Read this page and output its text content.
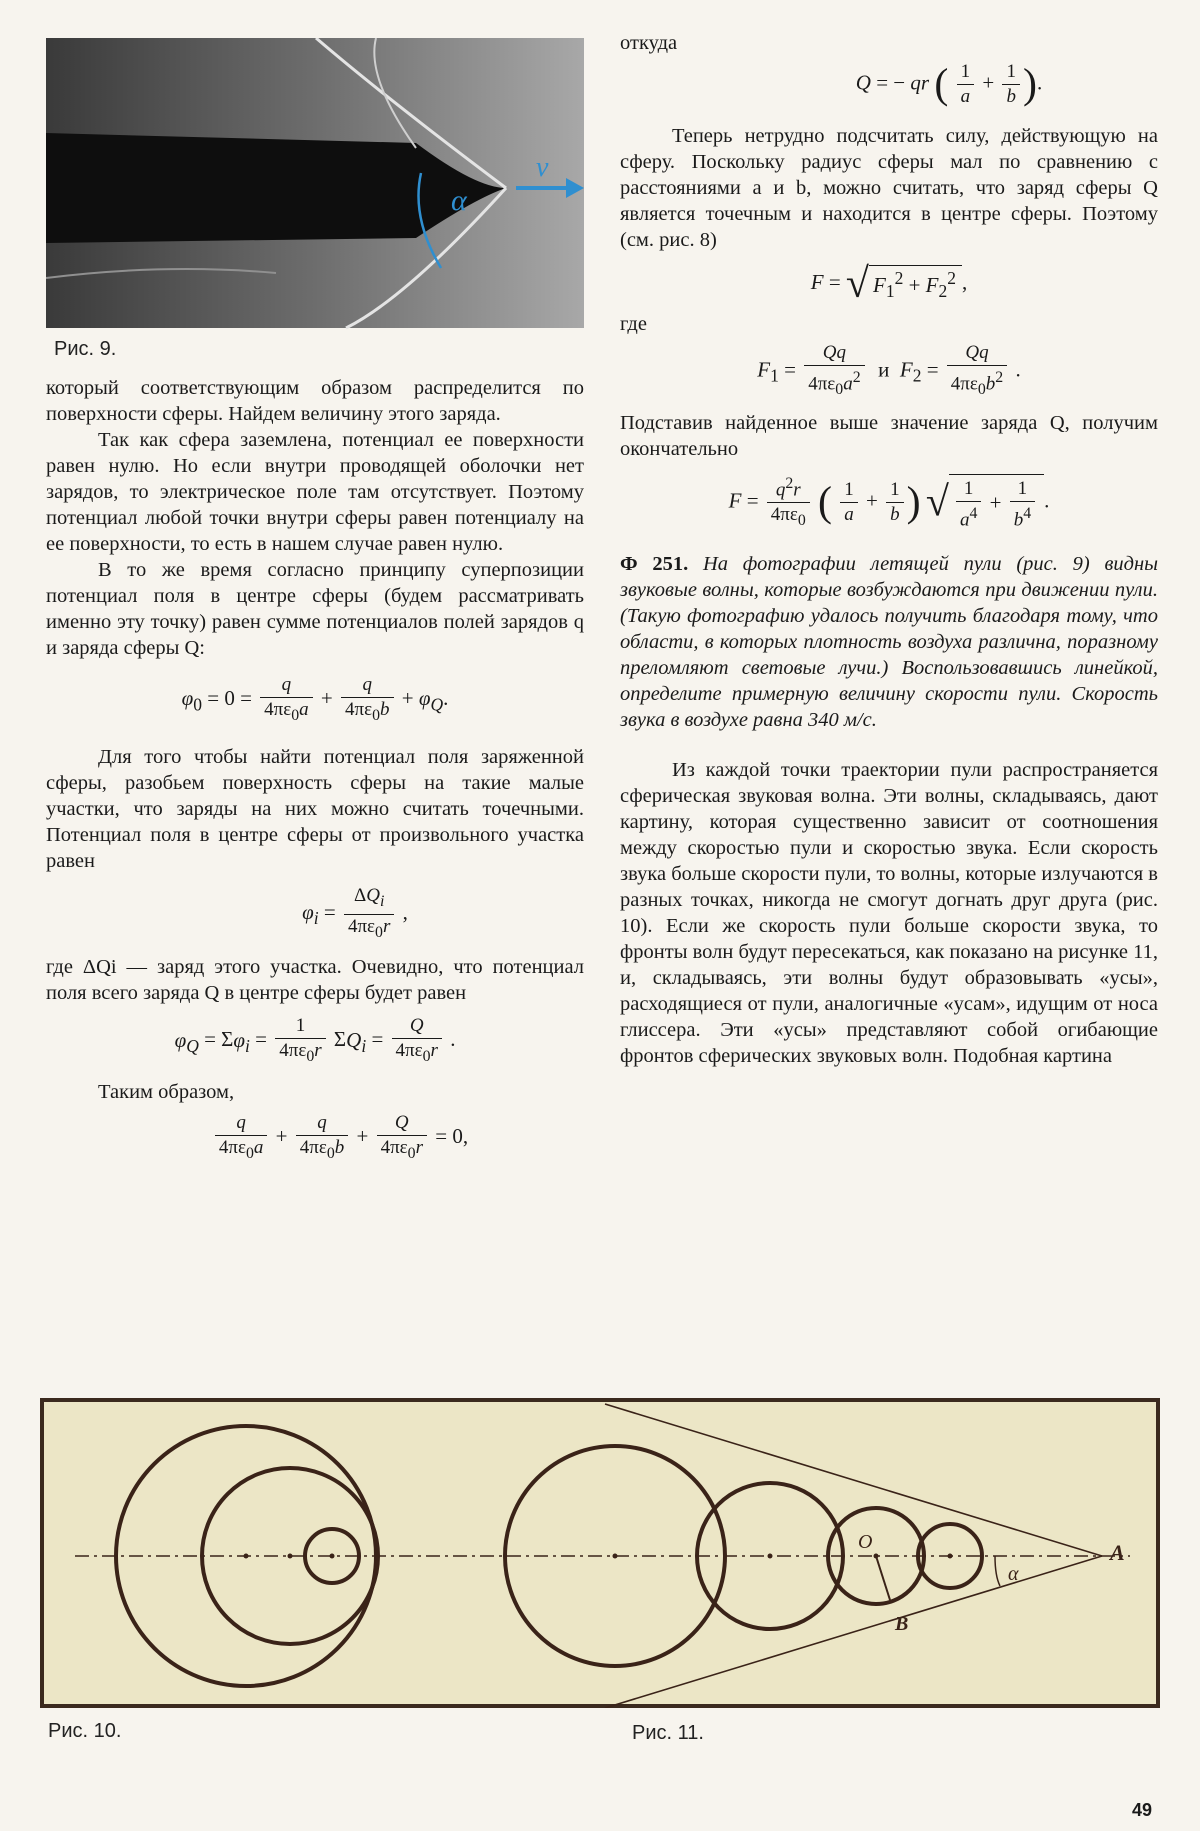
α
v
Рис. 9.

который соответствующим образом распределится по поверхности сферы. Найдем величину этого заряда.

Так как сфера заземлена, потенциал ее поверхности равен нулю. Но если внутри проводящей оболочки нет зарядов, то электрическое поле там отсутствует. Поэтому потенциал любой точки внутри сферы равен потенциалу на ее поверхности, то есть в нашем случае равен нулю.

В то же время согласно принципу суперпозиции потенциал поля в центре сферы (будем рассматривать именно эту точку) равен сумме потенциалов полей зарядов q и заряда сферы Q:

$\varphi_0 = 0 = \frac{q}{4\pi\varepsilon_0a} + \frac{q}{4\pi\varepsilon_0b} + \varphi_Q$.

Для того чтобы найти потенциал поля заряженной сферы, разобьем поверхность сферы на такие малые участки, что заряды на них можно считать точечными. Потенциал поля в центре сферы от произвольного участка равен

$\varphi_i$ =
$\Delta Q_i$
$4\pi\varepsilon_0r$
,

где ΔQi — заряд этого участка. Очевидно, что потенциал поля всего заряда Q в центре сферы будет равен

$\varphi_Q = \Sigma\varphi_i = \frac{1}{4\pi\varepsilon_0r} \Sigma Q_i = \frac{Q}{4\pi\varepsilon_0r}$ .

Таким образом,

$\frac{q}{4\pi\varepsilon_0a} + \frac{q}{4\pi\varepsilon_0b} + \frac{Q}{4\pi\varepsilon_0r} = 0$,

откуда

Q = − qr ( $\frac{1}{a} + \frac{1}{b}$ ).

Теперь нетрудно подсчитать силу, действующую на сферу. Поскольку радиус сферы мал по сравнению с расстояниями a и b, можно считать, что заряд сферы Q является точечным и находится в центре сферы. Поэтому (см. рис. 8)

F = √ $F_1^2 + F_2^2$ ,

где

$F_1 = \frac{Qq}{4\pi\varepsilon_0a^2}$ и  $F_2 = \frac{Qq}{4\pi\varepsilon_0b^2}$ .

Подставив найденное выше значение заряда Q, получим окончательно

$F = \frac{q^2r}{4\pi\varepsilon_0}$ ( $\frac{1}{a} + \frac{1}{b}$ ) √ $\frac{1}{a^4} + \frac{1}{b^4}$ .

Ф 251. На фотографии летящей пули (рис. 9) видны звуковые волны, которые возбуждаются при движении пули. (Такую фотографию удалось получить благодаря тому, что области, в которых плотность воздуха различна, поразному преломляют световые лучи.) Воспользовавшись линейкой, определите примерную величину скорости пули. Скорость звука в воздухе равна 340 м/с.

Из каждой точки траектории пули распространяется сферическая звуковая волна. Эти волны, складываясь, дают картину, которая существенно зависит от соотношения между скоростью пули и скоростью звука. Если скорость звука больше скорости пули, то волны, которые излучаются в разных точках, никогда не смогут догнать друг друга (рис. 10). Если же скорость пули больше скорости звука, то фронты волн будут пересекаться, как показано на рисунке 11, и, складываясь, эти волны будут образовывать «усы», расходящиеся от пули, аналогичные «усам», идущим от носа глиссера. Эти «усы» представляют собой огибающие фронтов сферических звуковых волн. Подобная картина

O	A
B
α
Рис. 10.	Рис. 11.
49
